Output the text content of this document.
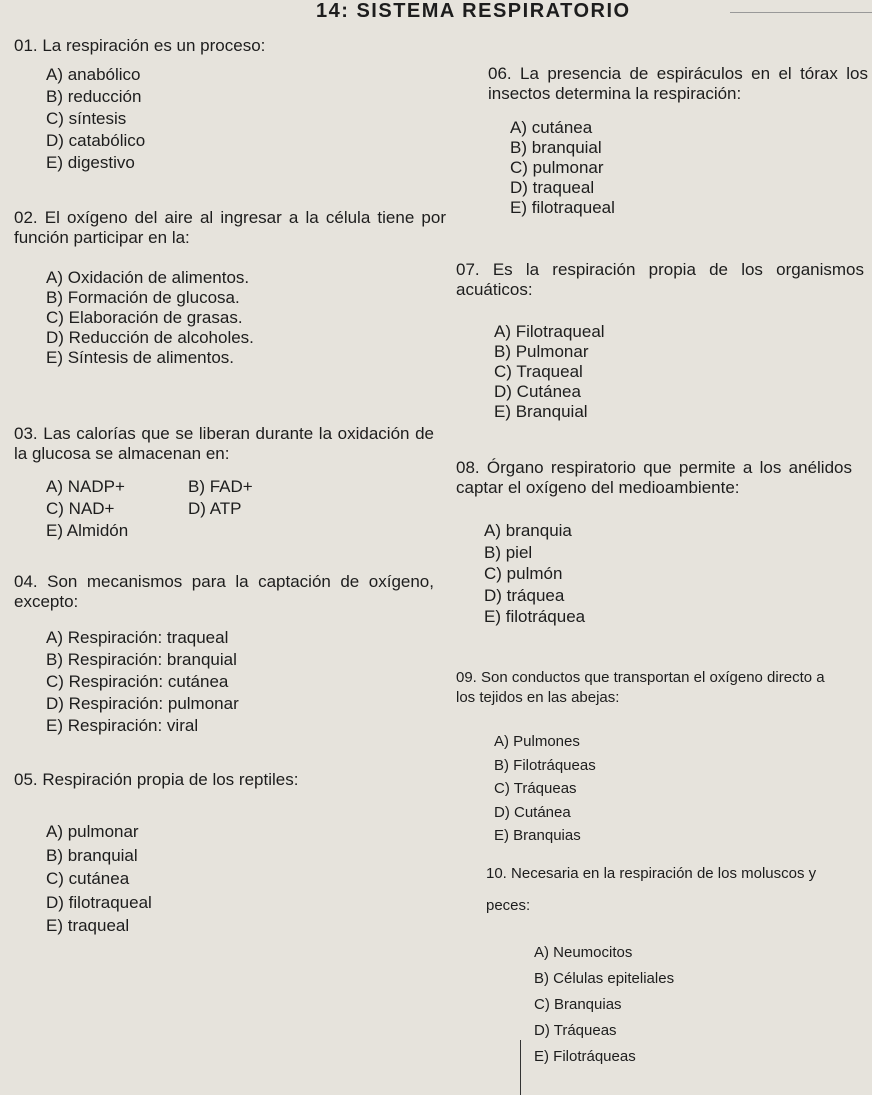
14: SISTEMA RESPIRATORIO

01. La respiración es un proceso:

A) anabólico
B) reducción
C) síntesis
D) catabólico
E) digestivo

02. El oxígeno del aire al ingresar a la célula tiene por función participar en la:

A) Oxidación de alimentos.
B) Formación de glucosa.
C) Elaboración de grasas.
D) Reducción de alcoholes.
E) Síntesis de alimentos.

03. Las calorías que se liberan durante la oxidación de la glucosa se almacenan en:

A) NADP+	B) FAD+
C) NAD+	D) ATP
E) Almidón

04. Son mecanismos para la captación de oxígeno, excepto:

A) Respiración: traqueal
B) Respiración: branquial
C) Respiración: cutánea
D) Respiración: pulmonar
E) Respiración: viral

05. Respiración propia de los reptiles:

A) pulmonar
B) branquial
C) cutánea
D) filotraqueal
E) traqueal

06. La presencia de espiráculos en el tórax los insectos determina la respiración:

A) cutánea
B) branquial
C) pulmonar
D) traqueal
E) filotraqueal

07. Es la respiración propia de los organismos acuáticos:

A) Filotraqueal
B) Pulmonar
C) Traqueal
D) Cutánea
E) Branquial

08. Órgano respiratorio que permite a los anélidos captar el oxígeno del medioambiente:

A) branquia
B) piel
C) pulmón
D) tráquea
E) filotráquea

09. Son conductos que transportan el oxígeno directo a los tejidos en las abejas:

A) Pulmones
B) Filotráqueas
C) Tráqueas
D) Cutánea
E) Branquias

10. Necesaria en la respiración de los moluscos y peces:

A) Neumocitos
B) Células epiteliales
C) Branquias
D) Tráqueas
E) Filotráqueas
